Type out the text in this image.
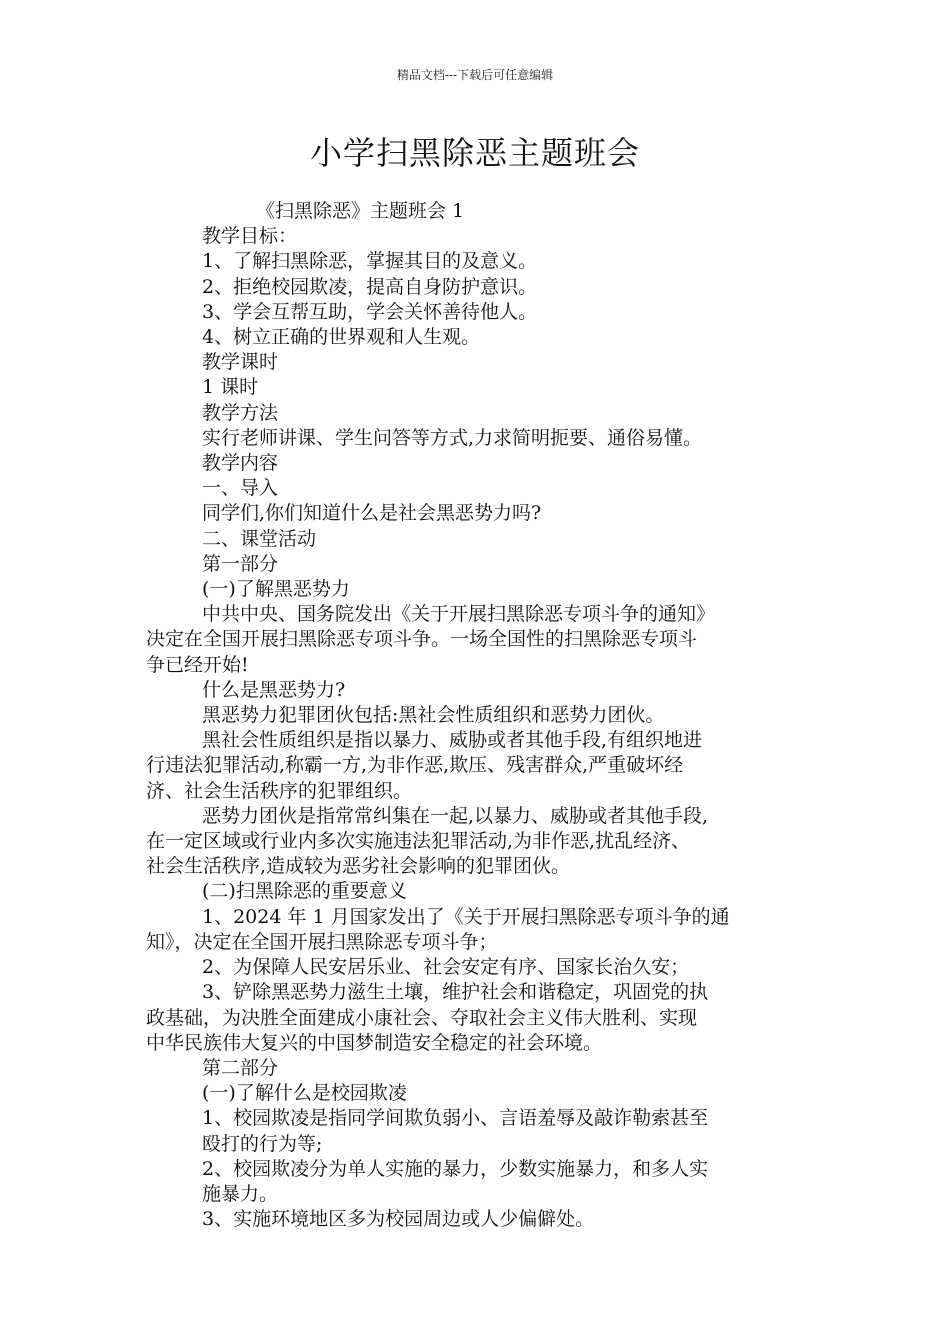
精品文档---下载后可任意编辑
小学扫黑除恶主题班会
《扫黑除恶》主题班会 1
教学目标：
1、了解扫黑除恶，掌握其目的及意义。
2、拒绝校园欺凌，提高自身防护意识。
3、学会互帮互助，学会关怀善待他人。
4、树立正确的世界观和人生观。
教学课时
1 课时
教学方法
实行老师讲课、学生问答等方式,力求简明扼要、通俗易懂。
教学内容
一、导入
同学们,你们知道什么是社会黑恶势力吗?
二、课堂活动
第一部分
(一)了解黑恶势力
中共中央、国务院发出《关于开展扫黑除恶专项斗争的通知》
决定在全国开展扫黑除恶专项斗争。一场全国性的扫黑除恶专项斗
争已经开始!
什么是黑恶势力?
黑恶势力犯罪团伙包括:黑社会性质组织和恶势力团伙。
黑社会性质组织是指以暴力、威胁或者其他手段,有组织地进
行违法犯罪活动,称霸一方,为非作恶,欺压、残害群众,严重破坏经
济、社会生活秩序的犯罪组织。
恶势力团伙是指常常纠集在一起,以暴力、威胁或者其他手段,
在一定区域或行业内多次实施违法犯罪活动,为非作恶,扰乱经济、
社会生活秩序,造成较为恶劣社会影响的犯罪团伙。
(二)扫黑除恶的重要意义
1、2024 年 1 月国家发出了《关于开展扫黑除恶专项斗争的通
知》，决定在全国开展扫黑除恶专项斗争；
2、为保障人民安居乐业、社会安定有序、国家长治久安；
3、铲除黑恶势力滋生土壤，维护社会和谐稳定，巩固党的执
政基础，为决胜全面建成小康社会、夺取社会主义伟大胜利、实现
中华民族伟大复兴的中国梦制造安全稳定的社会环境。
第二部分
(一)了解什么是校园欺凌
1、校园欺凌是指同学间欺负弱小、言语羞辱及敲诈勒索甚至
殴打的行为等;
2、校园欺凌分为单人实施的暴力，少数实施暴力，和多人实
施暴力。
3、实施环境地区多为校园周边或人少偏僻处。
